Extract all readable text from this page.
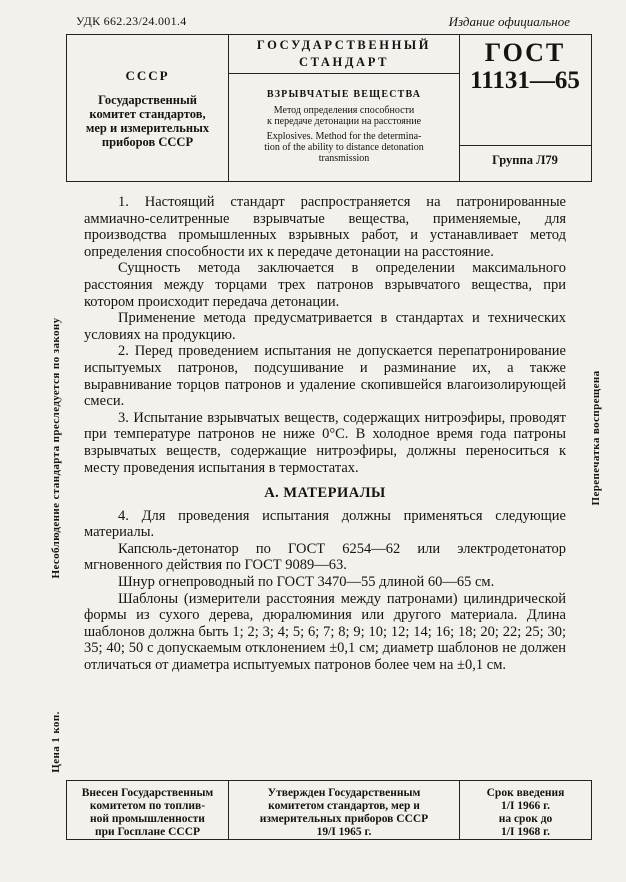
УДК 662.23/24.001.4	Издание официальное
СССР
Государственный
комитет стандартов,
мер и измерительных
приборов СССР
ГОСУДАРСТВЕННЫЙ
СТАНДАРТ
ВЗРЫВЧАТЫЕ ВЕЩЕСТВА
Метод определения способности
к передаче детонации на расстояние
Explosives. Method for the determina-
tion of the ability to distance detonation
transmission
ГОСТ
11131—65
Группа Л79

1. Настоящий стандарт распространяется на патронированные аммиачно-селитренные взрывчатые вещества, применяемые, для производства промышленных взрывных работ, и устанавливает метод определения способности их к передаче детонации на расстояние.

Сущность метода заключается в определении максимального расстояния между торцами трех патронов взрывчатого вещества, при котором происходит передача детонации.

Применение метода предусматривается в стандартах и технических условиях на продукцию.

2. Перед проведением испытания не допускается перепатронирование испытуемых патронов, подсушивание и разминание их, а также выравнивание торцов патронов и удаление скопившейся влагоизолирующей смеси.

3. Испытание взрывчатых веществ, содержащих нитроэфиры, проводят при температуре патронов не ниже 0°С. В холодное время года патроны взрывчатых веществ, содержащие нитроэфиры, должны переноситься к месту проведения испытания в термостатах.

А. МАТЕРИАЛЫ

4. Для проведения испытания должны применяться следующие материалы.

Капсюль-детонатор по ГОСТ 6254—62 или электродетонатор мгновенного действия по ГОСТ 9089—63.

Шнур огнепроводный по ГОСТ 3470—55 длиной 60—65 см.

Шаблоны (измерители расстояния между патронами) цилиндрической формы из сухого дерева, дюралюминия или другого материала. Длина шаблонов должна быть 1; 2; 3; 4; 5; 6; 7; 8; 9; 10; 12; 14; 16; 18; 20; 22; 25; 30; 35; 40; 50 с допускаемым отклонением ±0,1 см; диаметр шаблонов не должен отличаться от диаметра испытуемых патронов более чем на ±0,1 см.

Несоблюдение стандарта преследуется по закону
Цена 1 коп.
Перепечатка воспрещена
Внесен Государственным
комитетом по топлив-
ной промышленности
при Госплане СССР
Утвержден Государственным
комитетом стандартов, мер и
измерительных приборов СССР
19/I 1965 г.
Срок введения
1/I 1966 г.
на срок до
1/I 1968 г.
